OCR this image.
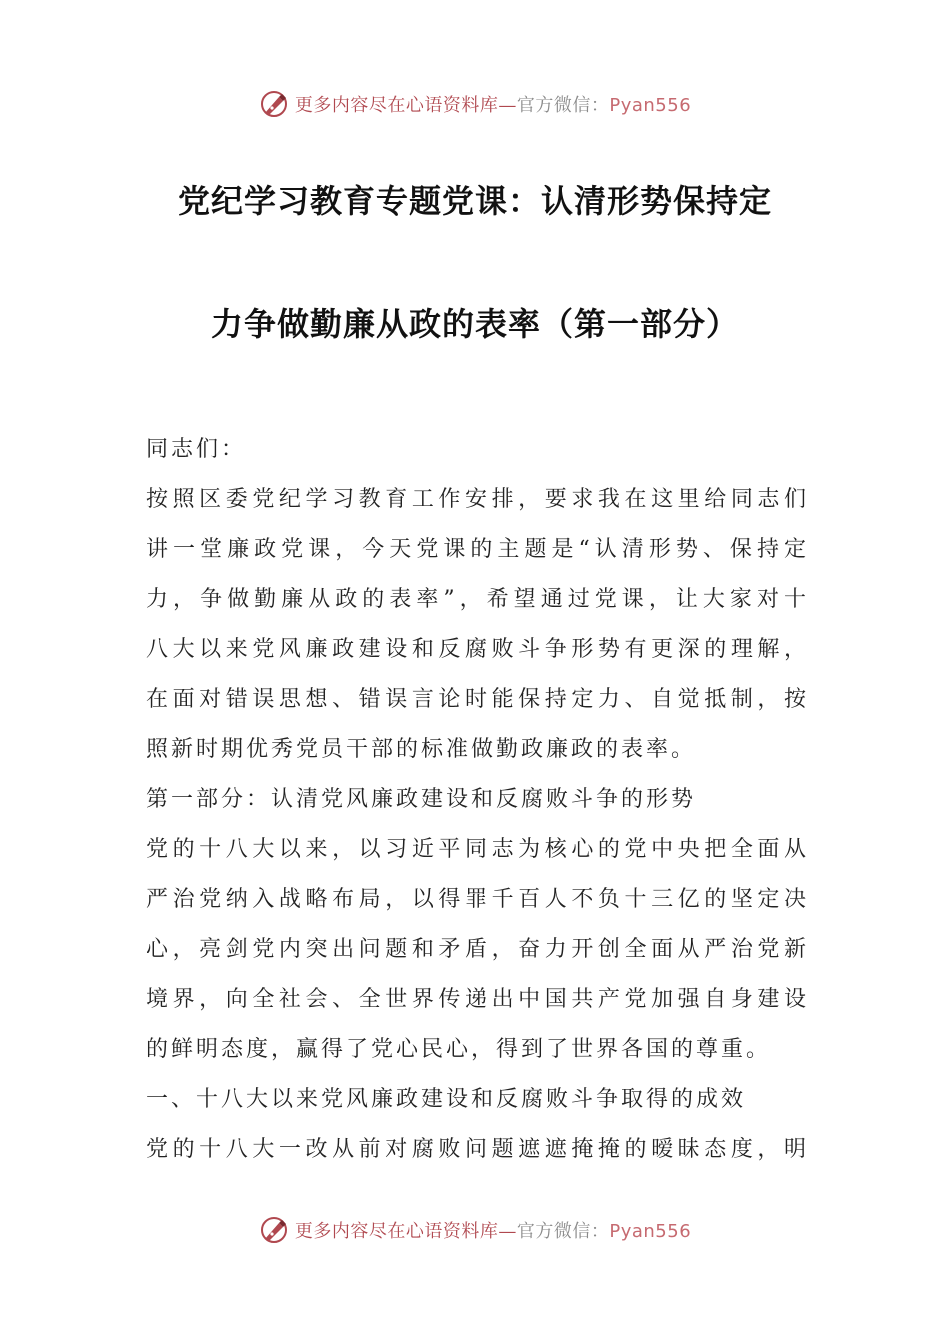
更多内容尽在心语资料库—官方微信：Pyan556
党纪学习教育专题党课：认清形势保持定
力争做勤廉从政的表率（第一部分）
同志们：
按照区委党纪学习教育工作安排，要求我在这里给同志们
讲一堂廉政党课，今天党课的主题是“认清形势、保持定
力，争做勤廉从政的表率”，希望通过党课，让大家对十
八大以来党风廉政建设和反腐败斗争形势有更深的理解，
在面对错误思想、错误言论时能保持定力、自觉抵制，按
照新时期优秀党员干部的标准做勤政廉政的表率。
第一部分：认清党风廉政建设和反腐败斗争的形势
党的十八大以来，以习近平同志为核心的党中央把全面从
严治党纳入战略布局，以得罪千百人不负十三亿的坚定决
心，亮剑党内突出问题和矛盾，奋力开创全面从严治党新
境界，向全社会、全世界传递出中国共产党加强自身建设
的鲜明态度，赢得了党心民心，得到了世界各国的尊重。
一、十八大以来党风廉政建设和反腐败斗争取得的成效
党的十八大一改从前对腐败问题遮遮掩掩的暧昧态度，明
更多内容尽在心语资料库—官方微信：Pyan556
